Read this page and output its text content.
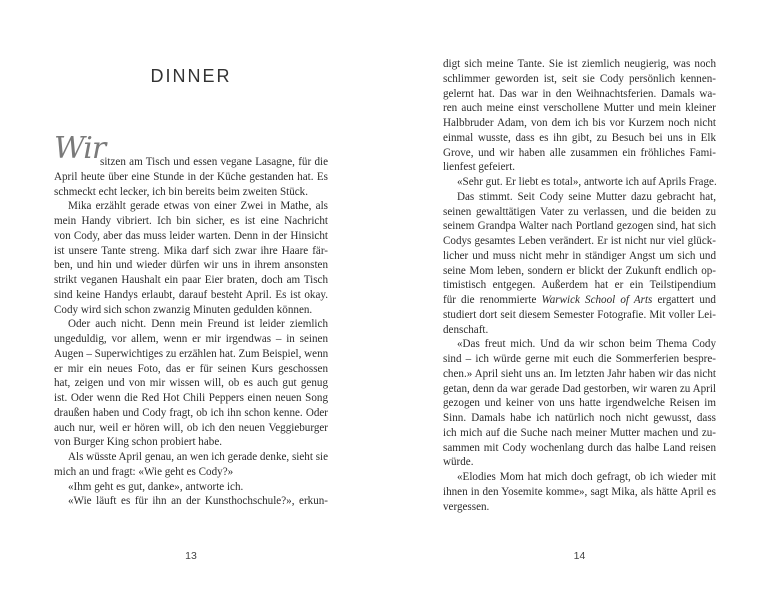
DINNER
Wir
sitzen am Tisch und essen vegane Lasagne, für die
April heute über eine Stunde in der Küche gestanden hat. Es
schmeckt echt lecker, ich bin bereits beim zweiten Stück.
Mika erzählt gerade etwas von einer Zwei in Mathe, als
mein Handy vibriert. Ich bin sicher, es ist eine Nachricht
von Cody, aber das muss leider warten. Denn in der Hinsicht
ist unsere Tante streng. Mika darf sich zwar ihre Haare fär-
ben, und hin und wieder dürfen wir uns in ihrem ansonsten
strikt veganen Haushalt ein paar Eier braten, doch am Tisch
sind keine Handys erlaubt, darauf besteht April. Es ist okay.
Cody wird sich schon zwanzig Minuten gedulden können.
Oder auch nicht. Denn mein Freund ist leider ziemlich
ungeduldig, vor allem, wenn er mir irgendwas – in seinen
Augen – Superwichtiges zu erzählen hat. Zum Beispiel, wenn
er mir ein neues Foto, das er für seinen Kurs geschossen
hat, zeigen und von mir wissen will, ob es auch gut genug
ist. Oder wenn die Red Hot Chili Peppers einen neuen Song
draußen haben und Cody fragt, ob ich ihn schon kenne. Oder
auch nur, weil er hören will, ob ich den neuen Veggieburger
von Burger King schon probiert habe.
Als wüsste April genau, an wen ich gerade denke, sieht sie
mich an und fragt: «Wie geht es Cody?»
«Ihm geht es gut, danke», antworte ich.
«Wie läuft es für ihn an der Kunsthochschule?», erkun-
13
digt sich meine Tante. Sie ist ziemlich neugierig, was noch
schlimmer geworden ist, seit sie Cody persönlich kennen-
gelernt hat. Das war in den Weihnachtsferien. Damals wa-
ren auch meine einst verschollene Mutter und mein kleiner
Halbbruder Adam, von dem ich bis vor Kurzem noch nicht
einmal wusste, dass es ihn gibt, zu Besuch bei uns in Elk
Grove, und wir haben alle zusammen ein fröhliches Fami-
lienfest gefeiert.
«Sehr gut. Er liebt es total», antworte ich auf Aprils Frage.
Das stimmt. Seit Cody seine Mutter dazu gebracht hat,
seinen gewalttätigen Vater zu verlassen, und die beiden zu
seinem Grandpa Walter nach Portland gezogen sind, hat sich
Codys gesamtes Leben verändert. Er ist nicht nur viel glück-
licher und muss nicht mehr in ständiger Angst um sich und
seine Mom leben, sondern er blickt der Zukunft endlich op-
timistisch entgegen. Außerdem hat er ein Teilstipendium
für die renommierte Warwick School of Arts ergattert und
studiert dort seit diesem Semester Fotografie. Mit voller Lei-
denschaft.
«Das freut mich. Und da wir schon beim Thema Cody
sind – ich würde gerne mit euch die Sommerferien bespre-
chen.» April sieht uns an. Im letzten Jahr haben wir das nicht
getan, denn da war gerade Dad gestorben, wir waren zu April
gezogen und keiner von uns hatte irgendwelche Reisen im
Sinn. Damals habe ich natürlich noch nicht gewusst, dass
ich mich auf die Suche nach meiner Mutter machen und zu-
sammen mit Cody wochenlang durch das halbe Land reisen
würde.
«Elodies Mom hat mich doch gefragt, ob ich wieder mit
ihnen in den Yosemite komme», sagt Mika, als hätte April es
vergessen.
14
